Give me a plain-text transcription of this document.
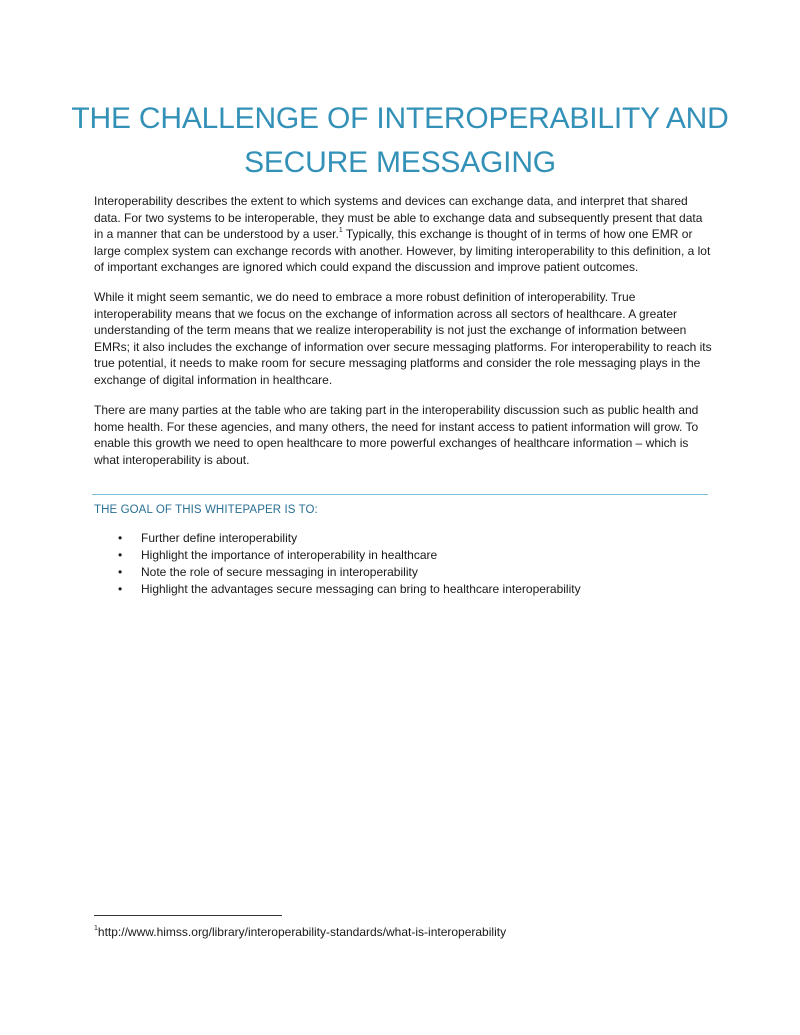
THE CHALLENGE OF INTEROPERABILITY AND
SECURE MESSAGING

Interoperability describes the extent to which systems and devices can exchange data, and interpret that shared data. For two systems to be interoperable, they must be able to exchange data and subsequently present that data in a manner that can be understood by a user.$^1$ Typically, this exchange is thought of in terms of how one EMR or large complex system can exchange records with another. However, by limiting interoperability to this definition, a lot of important exchanges are ignored which could expand the discussion and improve patient outcomes.

While it might seem semantic, we do need to embrace a more robust definition of interoperability. True interoperability means that we focus on the exchange of information across all sectors of healthcare. A greater understanding of the term means that we realize interoperability is not just the exchange of information between EMRs; it also includes the exchange of information over secure messaging platforms. For interoperability to reach its true potential, it needs to make room for secure messaging platforms and consider the role messaging plays in the exchange of digital information in healthcare.

There are many parties at the table who are taking part in the interoperability discussion such as public health and home health. For these agencies, and many others, the need for instant access to patient information will grow. To enable this growth we need to open healthcare to more powerful exchanges of healthcare information – which is what interoperability is about.

THE GOAL OF THIS WHITEPAPER IS TO:
• Further define interoperability
• Highlight the importance of interoperability in healthcare
• Note the role of secure messaging in interoperability
• Highlight the advantages secure messaging can bring to healthcare interoperability

$^1$http://www.himss.org/library/interoperability-standards/what-is-interoperability
